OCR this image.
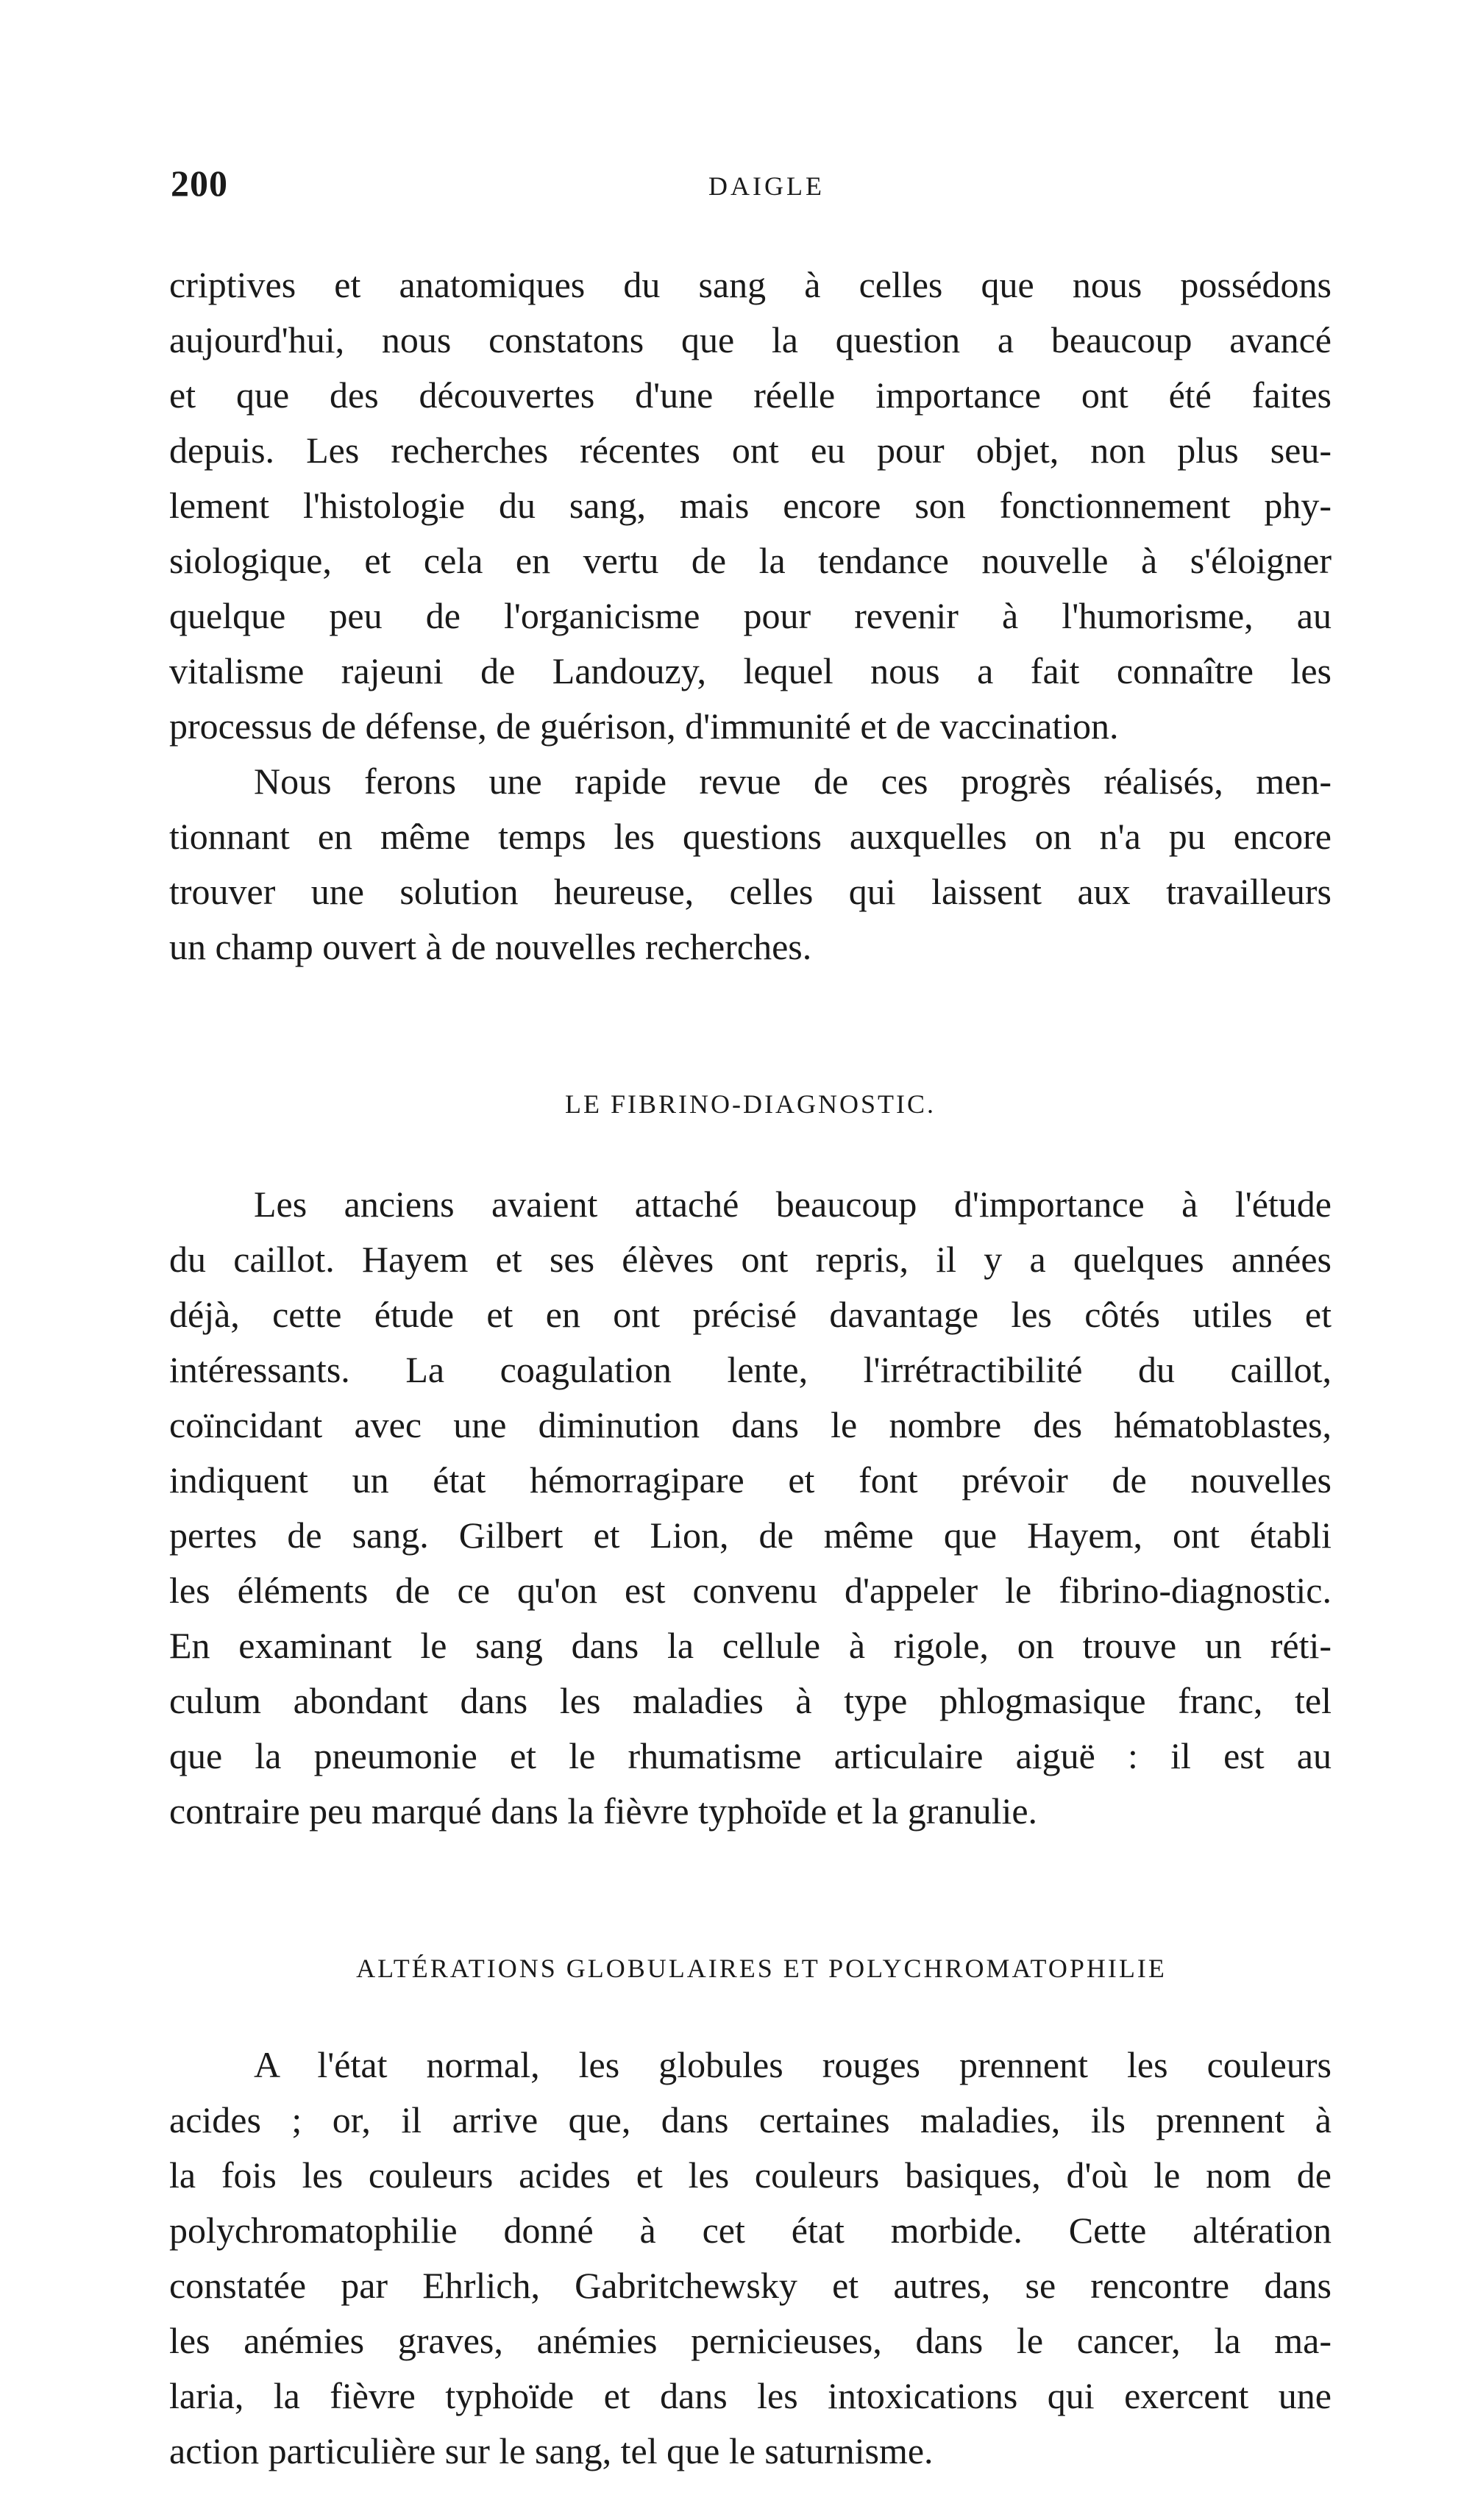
200	DAIGLE
criptives et anatomiques du sang à celles que nous possédons
aujourd'hui, nous constatons que la question a beaucoup avancé
et que des découvertes d'une réelle importance ont été faites
depuis. Les recherches récentes ont eu pour objet, non plus seu-
lement l'histologie du sang, mais encore son fonctionnement phy-
siologique, et cela en vertu de la tendance nouvelle à s'éloigner
quelque peu de l'organicisme pour revenir à l'humorisme, au
vitalisme rajeuni de Landouzy, lequel nous a fait connaître les
processus de défense, de guérison, d'immunité et de vaccination.
Nous ferons une rapide revue de ces progrès réalisés, men-
tionnant en même temps les questions auxquelles on n'a pu encore
trouver une solution heureuse, celles qui laissent aux travailleurs
un champ ouvert à de nouvelles recherches.
LE FIBRINO-DIAGNOSTIC.
Les anciens avaient attaché beaucoup d'importance à l'étude
du caillot. Hayem et ses élèves ont repris, il y a quelques années
déjà, cette étude et en ont précisé davantage les côtés utiles et
intéressants. La coagulation lente, l'irrétractibilité du caillot,
coïncidant avec une diminution dans le nombre des hématoblastes,
indiquent un état hémorragipare et font prévoir de nouvelles
pertes de sang. Gilbert et Lion, de même que Hayem, ont établi
les éléments de ce qu'on est convenu d'appeler le fibrino-diagnostic.
En examinant le sang dans la cellule à rigole, on trouve un réti-
culum abondant dans les maladies à type phlogmasique franc, tel
que la pneumonie et le rhumatisme articulaire aiguë : il est au
contraire peu marqué dans la fièvre typhoïde et la granulie.
ALTÉRATIONS GLOBULAIRES ET POLYCHROMATOPHILIE
A l'état normal, les globules rouges prennent les couleurs
acides ; or, il arrive que, dans certaines maladies, ils prennent à
la fois les couleurs acides et les couleurs basiques, d'où le nom de
polychromatophilie donné à cet état morbide. Cette altération
constatée par Ehrlich, Gabritchewsky et autres, se rencontre dans
les anémies graves, anémies pernicieuses, dans le cancer, la ma-
laria, la fièvre typhoïde et dans les intoxications qui exercent une
action particulière sur le sang, tel que le saturnisme.
